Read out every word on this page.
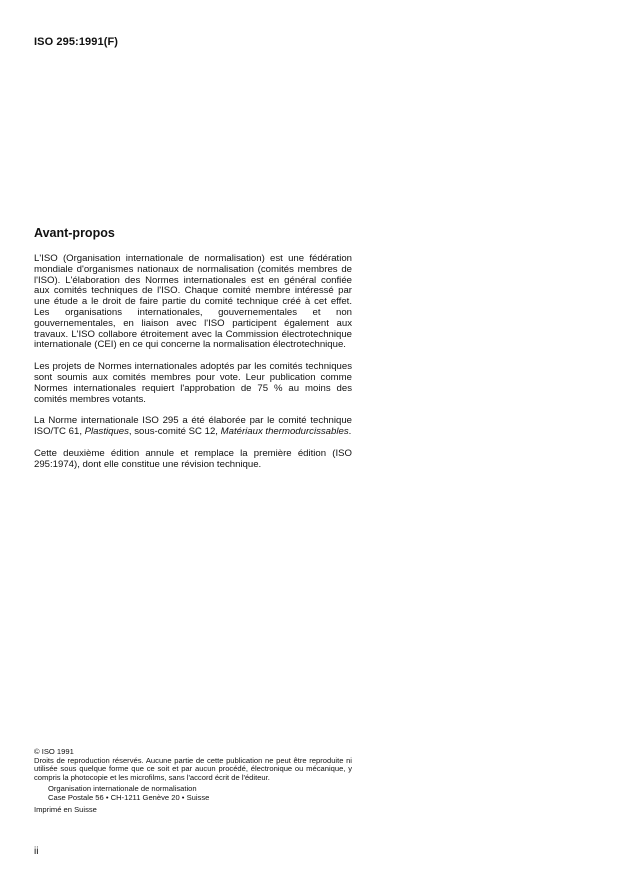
ISO 295:1991(F)
Avant-propos

L'ISO (Organisation internationale de normalisation) est une fédération mondiale d'organismes nationaux de normalisation (comités membres de l'ISO). L'élaboration des Normes internationales est en général confiée aux comités techniques de l'ISO. Chaque comité membre intéressé par une étude a le droit de faire partie du comité technique créé à cet effet. Les organisations internationales, gouvernementales et non gouvernementales, en liaison avec l'ISO participent également aux travaux. L'ISO collabore étroitement avec la Commission électrotechnique internationale (CEI) en ce qui concerne la normalisation électrotechnique.

Les projets de Normes internationales adoptés par les comités techniques sont soumis aux comités membres pour vote. Leur publication comme Normes internationales requiert l'approbation de 75 % au moins des comités membres votants.

La Norme internationale ISO 295 a été élaborée par le comité technique ISO/TC 61, Plastiques, sous-comité SC 12, Matériaux thermodurcissables.

Cette deuxième édition annule et remplace la première édition (ISO 295:1974), dont elle constitue une révision technique.

© ISO 1991

Droits de reproduction réservés. Aucune partie de cette publication ne peut être reproduite ni utilisée sous quelque forme que ce soit et par aucun procédé, électronique ou mécanique, y compris la photocopie et les microfilms, sans l'accord écrit de l'éditeur.

Organisation internationale de normalisation

Case Postale 56 • CH-1211 Genève 20 • Suisse

Imprimé en Suisse

ii
